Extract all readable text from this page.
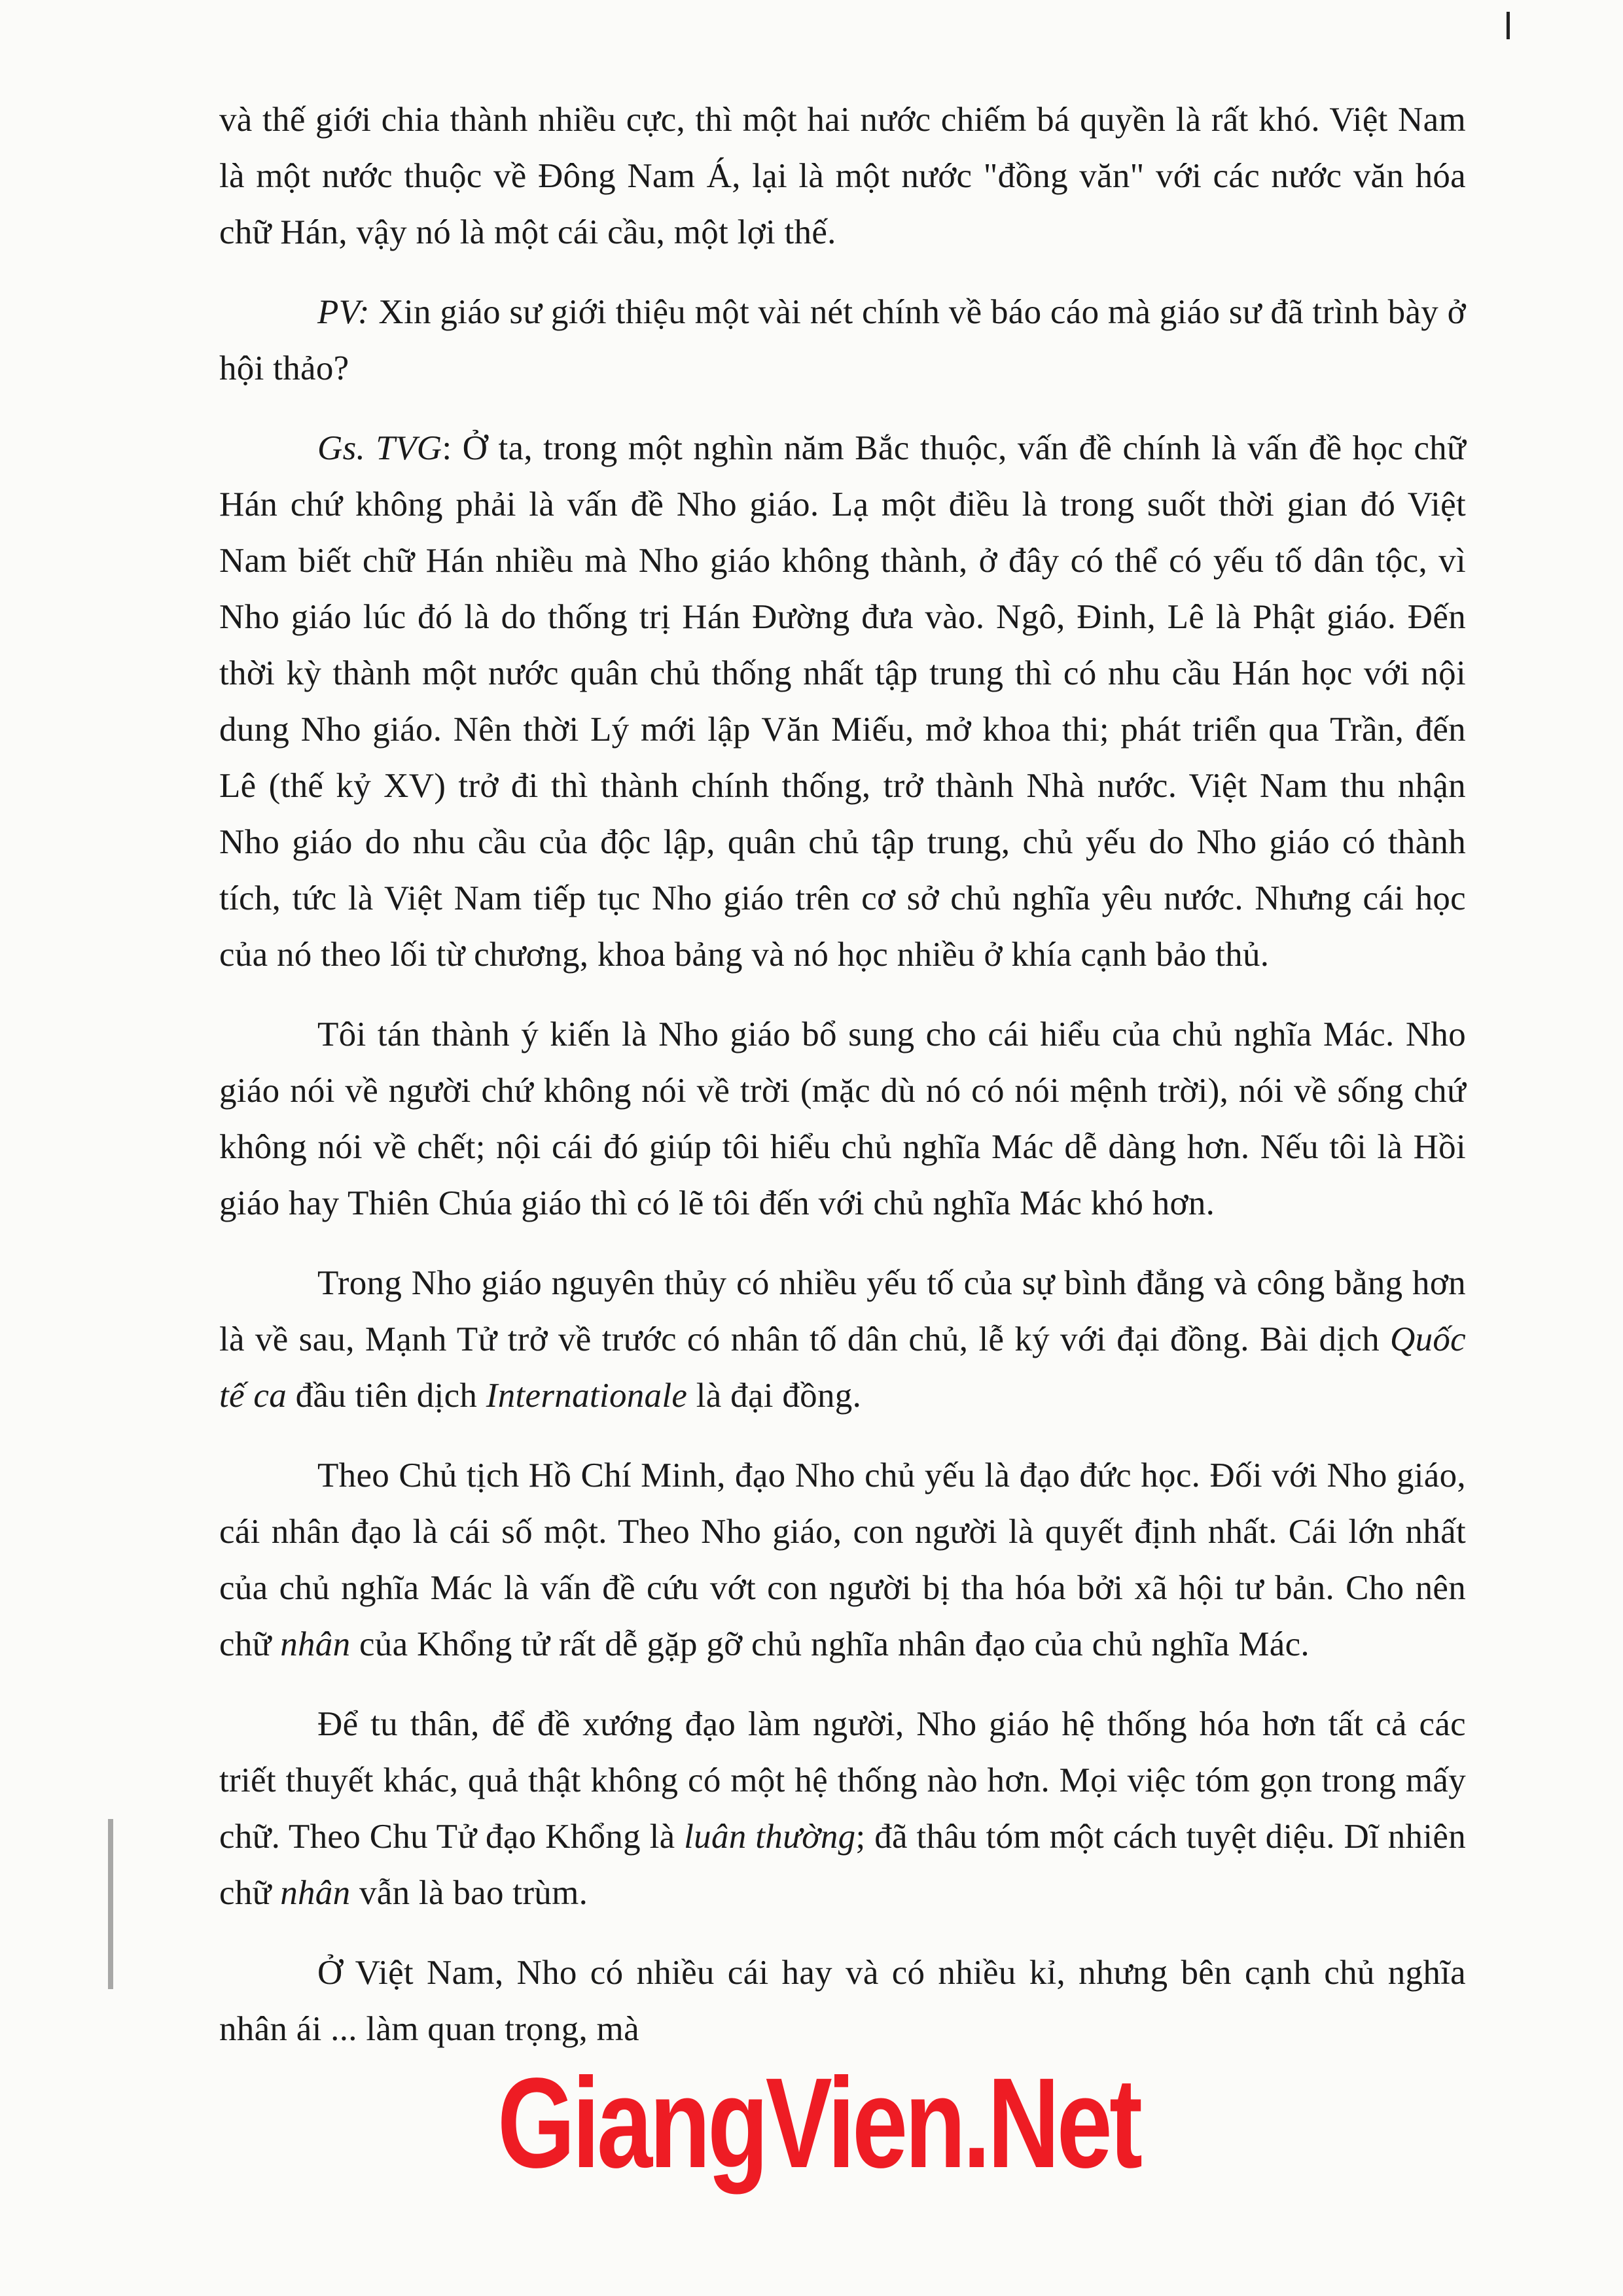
và thế giới chia thành nhiều cực, thì một hai nước chiếm bá quyền là rất khó. Việt Nam là một nước thuộc về Đông Nam Á, lại là một nước "đồng văn" với các nước văn hóa chữ Hán, vậy nó là một cái cầu, một lợi thế.

PV: Xin giáo sư giới thiệu một vài nét chính về báo cáo mà giáo sư đã trình bày ở hội thảo?

Gs. TVG: Ở ta, trong một nghìn năm Bắc thuộc, vấn đề chính là vấn đề học chữ Hán chứ không phải là vấn đề Nho giáo. Lạ một điều là trong suốt thời gian đó Việt Nam biết chữ Hán nhiều mà Nho giáo không thành, ở đây có thể có yếu tố dân tộc, vì Nho giáo lúc đó là do thống trị Hán Đường đưa vào. Ngô, Đinh, Lê là Phật giáo. Đến thời kỳ thành một nước quân chủ thống nhất tập trung thì có nhu cầu Hán học với nội dung Nho giáo. Nên thời Lý mới lập Văn Miếu, mở khoa thi; phát triển qua Trần, đến Lê (thế kỷ XV) trở đi thì thành chính thống, trở thành Nhà nước. Việt Nam thu nhận Nho giáo do nhu cầu của độc lập, quân chủ tập trung, chủ yếu do Nho giáo có thành tích, tức là Việt Nam tiếp tục Nho giáo trên cơ sở chủ nghĩa yêu nước. Nhưng cái học của nó theo lối từ chương, khoa bảng và nó học nhiều ở khía cạnh bảo thủ.

Tôi tán thành ý kiến là Nho giáo bổ sung cho cái hiểu của chủ nghĩa Mác. Nho giáo nói về người chứ không nói về trời (mặc dù nó có nói mệnh trời), nói về sống chứ không nói về chết; nội cái đó giúp tôi hiểu chủ nghĩa Mác dễ dàng hơn. Nếu tôi là Hồi giáo hay Thiên Chúa giáo thì có lẽ tôi đến với chủ nghĩa Mác khó hơn.

Trong Nho giáo nguyên thủy có nhiều yếu tố của sự bình đẳng và công bằng hơn là về sau, Mạnh Tử trở về trước có nhân tố dân chủ, lễ ký với đại đồng. Bài dịch Quốc tế ca đầu tiên dịch Internationale là đại đồng.

Theo Chủ tịch Hồ Chí Minh, đạo Nho chủ yếu là đạo đức học. Đối với Nho giáo, cái nhân đạo là cái số một. Theo Nho giáo, con người là quyết định nhất. Cái lớn nhất của chủ nghĩa Mác là vấn đề cứu vớt con người bị tha hóa bởi xã hội tư bản. Cho nên chữ nhân của Khổng tử rất dễ gặp gỡ chủ nghĩa nhân đạo của chủ nghĩa Mác.

Để tu thân, để đề xướng đạo làm người, Nho giáo hệ thống hóa hơn tất cả các triết thuyết khác, quả thật không có một hệ thống nào hơn. Mọi việc tóm gọn trong mấy chữ. Theo Chu Tử đạo Khổng là luân thường; đã thâu tóm một cách tuyệt diệu. Dĩ nhiên chữ nhân vẫn là bao trùm.

Ở Việt Nam, Nho có nhiều cái hay và có nhiều kỉ, nhưng bên cạnh chủ nghĩa nhân ái ... làm quan trọng, mà

GiangVien.Net
